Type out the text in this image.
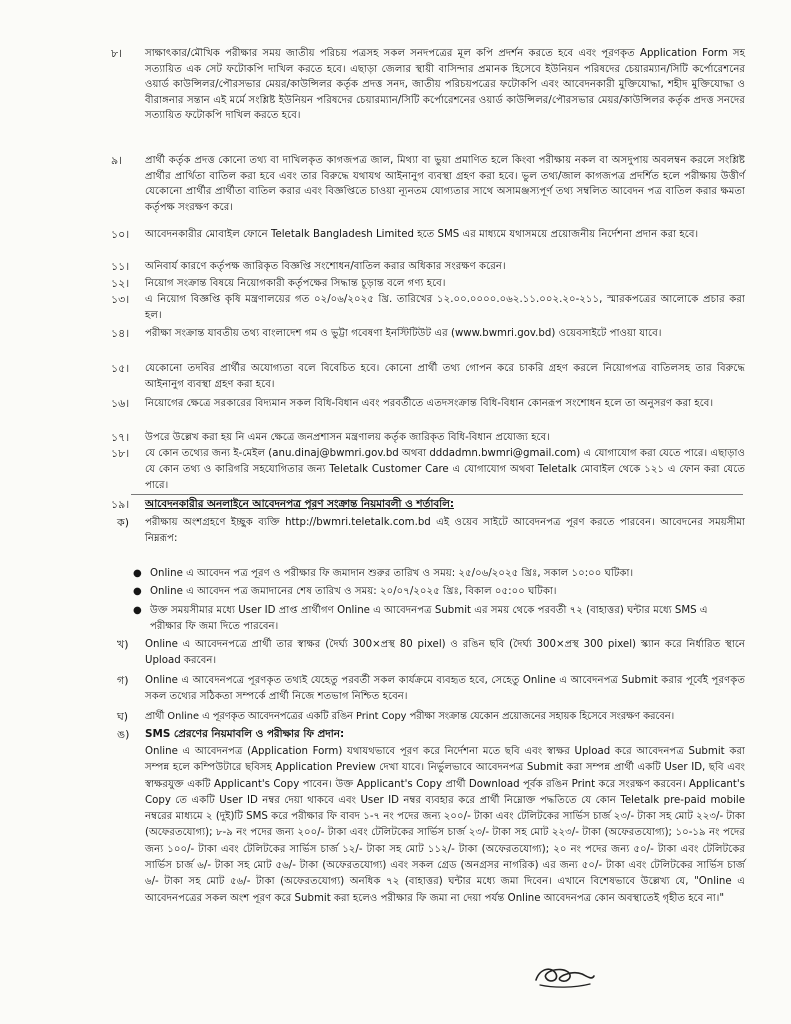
৮।	সাক্ষাৎকার/মৌখিক পরীক্ষার সময় জাতীয় পরিচয় পত্রসহ সকল সনদপত্রের মূল কপি প্রদর্শন করতে হবে এবং পূরণকৃত Application Form সহ সত্যায়িত এক সেট ফটোকপি দাখিল করতে হবে। এছাড়া জেলার স্থায়ী বাসিন্দার প্রমানক হিসেবে ইউনিয়ন পরিষদের চেয়ারম্যান/সিটি কর্পোরেশনের ওয়ার্ড কাউন্সিলর/পৌরসভার মেয়র/কাউন্সিলর কর্তৃক প্রদত্ত সনদ, জাতীয় পরিচয়পত্রের ফটোকপি এবং আবেদনকারী মুক্তিযোদ্ধা, শহীদ মুক্তিযোদ্ধা ও বীরাঙ্গনার সন্তান এই মর্মে সংশ্লিষ্ট ইউনিয়ন পরিষদের চেয়ারম্যান/সিটি কর্পোরেশনের ওয়ার্ড কাউন্সিলর/পৌরসভার মেয়র/কাউন্সিলর কর্তৃক প্রদত্ত সনদের সত্যায়িত ফটোকপি দাখিল করতে হবে।
৯।	প্রার্থী কর্তৃক প্রদত্ত কোনো তথ্য বা দাখিলকৃত কাগজপত্র জাল, মিথ্যা বা ভুয়া প্রমাণিত হলে কিংবা পরীক্ষায় নকল বা অসদুপায় অবলম্বন করলে সংশ্লিষ্ট প্রার্থীর প্রার্থিতা বাতিল করা হবে এবং তার বিরুদ্ধে যথাযথ আইনানুগ ব্যবস্থা গ্রহণ করা হবে। ভুল তথ্য/জাল কাগজপত্র প্রদর্শিত হলে পরীক্ষায় উত্তীর্ণ যেকোনো প্রার্থীর প্রার্থীতা বাতিল করার এবং বিজ্ঞপ্তিতে চাওয়া ন্যূনতম যোগ্যতার সাথে অসামঞ্জস্যপূর্ণ তথ্য সম্বলিত আবেদন পত্র বাতিল করার ক্ষমতা কর্তৃপক্ষ সংরক্ষণ করে।
১০।	আবেদনকারীর মোবাইল ফোনে Teletalk Bangladesh Limited হতে SMS এর মাধ্যমে যথাসময়ে প্রয়োজনীয় নির্দেশনা প্রদান করা হবে।
১১।	অনিবার্য কারণে কর্তৃপক্ষ জারিকৃত বিজ্ঞপ্তি সংশোধন/বাতিল করার অধিকার সংরক্ষণ করেন।
১২।	নিয়োগ সংক্রান্ত বিষয়ে নিয়োগকারী কর্তৃপক্ষের সিদ্ধান্ত চূড়ান্ত বলে গণ্য হবে।
১৩।	এ নিয়োগ বিজ্ঞপ্তি কৃষি মন্ত্রণালয়ের গত ০২/০৬/২০২৫ খ্রি. তারিখের ১২.০০.০০০০.০৬২.১১.০০২.২০-২১১, স্মারকপত্রের আলোকে প্রচার করা হল।
১৪।	পরীক্ষা সংক্রান্ত যাবতীয় তথ্য বাংলাদেশ গম ও ভুট্টা গবেষণা ইনস্টিটিউট এর (www.bwmri.gov.bd) ওয়েবসাইটে পাওয়া যাবে।
১৫।	যেকোনো তদবির প্রার্থীর অযোগ্যতা বলে বিবেচিত হবে। কোনো প্রার্থী তথ্য গোপন করে চাকরি গ্রহণ করলে নিয়োগপত্র বাতিলসহ তার বিরুদ্ধে আইনানুগ ব্যবস্থা গ্রহণ করা হবে।
১৬।	নিয়োগের ক্ষেত্রে সরকারের বিদ্যমান সকল বিধি-বিধান এবং পরবর্তীতে এতদসংক্রান্ত বিধি-বিধান কোনরূপ সংশোধন হলে তা অনুসরণ করা হবে।
১৭।	উপরে উল্লেখ করা হয় নি এমন ক্ষেত্রে জনপ্রশাসন মন্ত্রণালয় কর্তৃক জারিকৃত বিধি-বিধান প্রযোজ্য হবে।
১৮।	যে কোন তথ্যের জন্য ই-মেইল (anu.dinaj@bwmri.gov.bd অথবা dddadmn.bwmri@gmail.com) এ যোগাযোগ করা যেতে পারে। এছাড়াও যে কোন তথ্য ও কারিগরি সহযোগিতার জন্য Teletalk Customer Care এ যোগাযোগ অথবা Teletalk মোবাইল থেকে ১২১ এ ফোন করা যেতে পারে।
১৯।	আবেদনকারীর অনলাইনে আবেদনপত্র পূরণ সংক্রান্ত নিয়মাবলী ও শর্তাবলি:
ক)	পরীক্ষায় অংশগ্রহণে ইচ্ছুক ব্যক্তি http://bwmri.teletalk.com.bd এই ওয়েব সাইটে আবেদনপত্র পূরণ করতে পারবেন। আবেদনের সময়সীমা নিম্নরূপ:
● Online এ আবেদন পত্র পূরণ ও পরীক্ষার ফি জমাদান শুরুর তারিখ ও সময়: ২৫/০৬/২০২৫ খ্রিঃ, সকাল ১০:০০ ঘটিকা।
● Online এ আবেদন পত্র জমাদানের শেষ তারিখ ও সময়: ২০/০৭/২০২৫ খ্রিঃ, বিকাল ০৫:০০ ঘটিকা।
● উক্ত সময়সীমার মধ্যে User ID প্রাপ্ত প্রার্থীগণ Online এ আবেদনপত্র Submit এর সময় থেকে পরবর্তী ৭২ (বাহাত্তর) ঘন্টার মধ্যে SMS এ পরীক্ষার ফি জমা দিতে পারবেন।
খ)	Online এ আবেদনপত্রে প্রার্থী তার স্বাক্ষর (দৈর্ঘ্য 300×প্রস্থ 80 pixel) ও রঙিন ছবি (দৈর্ঘ্য 300×প্রস্থ 300 pixel) স্ক্যান করে নির্ধারিত স্থানে Upload করবেন।
গ)	Online এ আবেদনপত্রে পূরণকৃত তথ্যই যেহেতু পরবর্তী সকল কার্যক্রমে ব্যবহৃত হবে, সেহেতু Online এ আবেদনপত্র Submit করার পূর্বেই পূরণকৃত সকল তথ্যের সঠিকতা সম্পর্কে প্রার্থী নিজে শতভাগ নিশ্চিত হবেন।
ঘ)	প্রার্থী Online এ পূরণকৃত আবেদনপত্রের একটি রঙিন Print Copy পরীক্ষা সংক্রান্ত যেকোন প্রয়োজনের সহায়ক হিসেবে সংরক্ষণ করবেন।
ঙ)	SMS প্রেরণের নিয়মাবলি ও পরীক্ষার ফি প্রদান:
Online এ আবেদনপত্র (Application Form) যথাযথভাবে পূরণ করে নির্দেশনা মতে ছবি এবং স্বাক্ষর Upload করে আবেদনপত্র Submit করা সম্পন্ন হলে কম্পিউটারে ছবিসহ Application Preview দেখা যাবে। নির্ভুলভাবে আবেদনপত্র Submit করা সম্পন্ন প্রার্থী একটি User ID, ছবি এবং স্বাক্ষরযুক্ত একটি Applicant's Copy পাবেন। উক্ত Applicant's Copy প্রার্থী Download পূর্বক রঙিন Print করে সংরক্ষণ করবেন। Applicant's Copy তে একটি User ID নম্বর দেয়া থাকবে এবং User ID নম্বর ব্যবহার করে প্রার্থী নিম্নোক্ত পদ্ধতিতে যে কোন Teletalk pre-paid mobile নম্বরের মাধ্যমে ২ (দুই)টি SMS করে পরীক্ষার ফি বাবদ ১-৭ নং পদের জন্য ২০০/- টাকা এবং টেলিটকের সার্ভিস চার্জ ২৩/- টাকা সহ মোট ২২৩/- টাকা (অফেরতযোগ্য); ৮-৯ নং পদের জন্য ২০০/- টাকা এবং টেলিটকের সার্ভিস চার্জ ২৩/- টাকা সহ মোট ২২৩/- টাকা (অফেরতযোগ্য); ১০-১৯ নং পদের জন্য ১০০/- টাকা এবং টেলিটকের সার্ভিস চার্জ ১২/- টাকা সহ মোট ১১২/- টাকা (অফেরতযোগ্য); ২০ নং পদের জন্য ৫০/- টাকা এবং টেলিটকের সার্ভিস চার্জ ৬/- টাকা সহ মোট ৫৬/- টাকা (অফেরতযোগ্য) এবং সকল গ্রেড (অনগ্রসর নাগরিক) এর জন্য ৫০/- টাকা এবং টেলিটকের সার্ভিস চার্জ ৬/- টাকা সহ মোট ৫৬/- টাকা (অফেরতযোগ্য) অনধিক ৭২ (বাহাত্তর) ঘন্টার মধ্যে জমা দিবেন। এখানে বিশেষভাবে উল্লেখ্য যে, "Online এ আবেদনপত্রের সকল অংশ পূরণ করে Submit করা হলেও পরীক্ষার ফি জমা না দেয়া পর্যন্ত Online আবেদনপত্র কোন অবস্থাতেই গৃহীত হবে না।"
